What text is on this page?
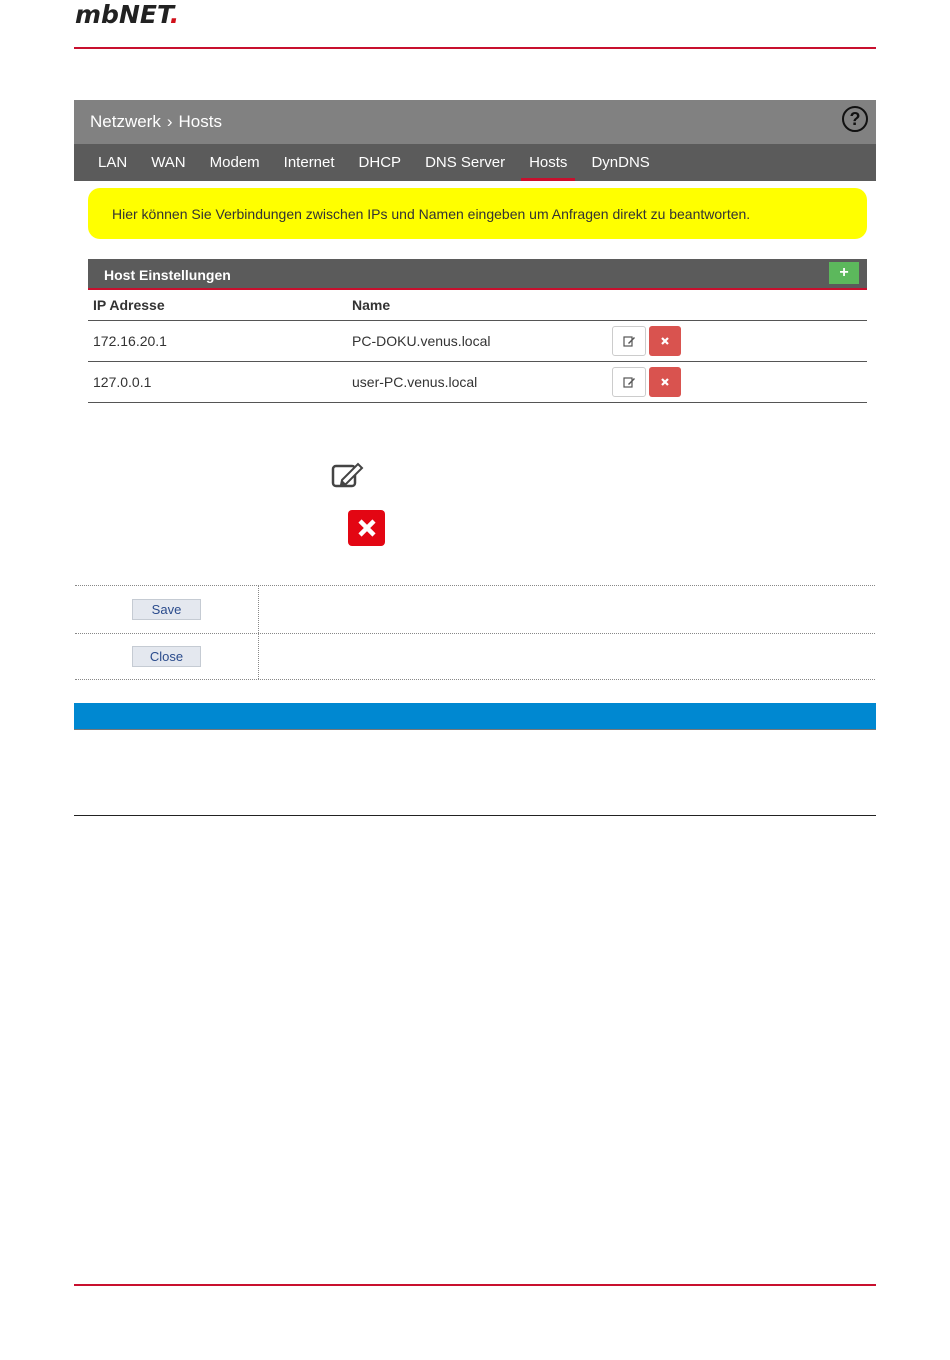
mbNET.
Netzwerk › Hosts	?
LAN	WAN	Modem	Internet	DHCP	DNS Server	Hosts	DynDNS
Hier können Sie Verbindungen zwischen IPs und Namen eingeben um Anfragen direkt zu beantworten.
Host Einstellungen	+
IP Adresse	Name
172.16.20.1	PC-DOKU.venus.local
127.0.0.1	user-PC.venus.local
Save
Close
